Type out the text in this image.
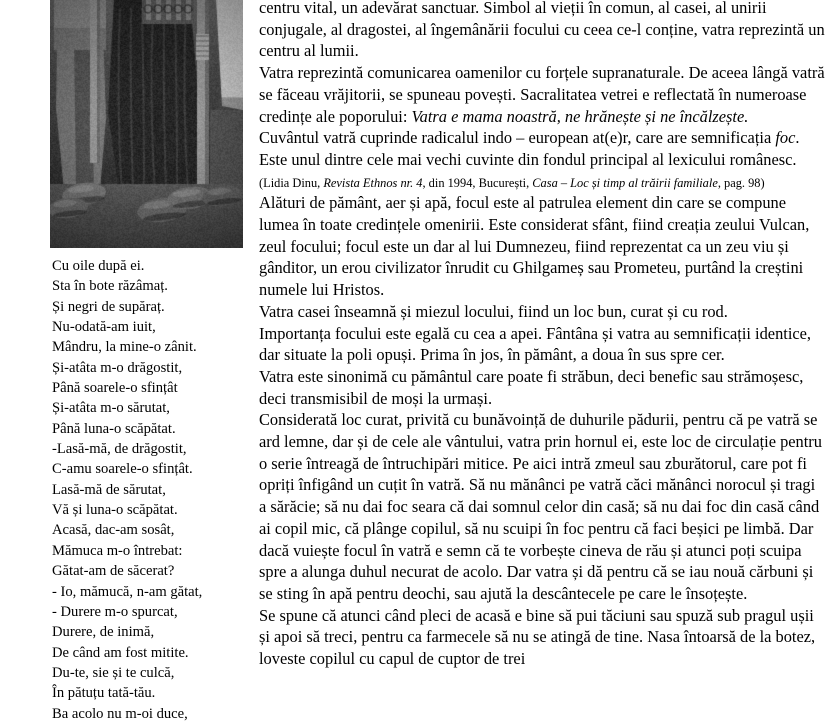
Cu oile după ei.
Sta în bote răzâmaț.
Și negri de supăraț.
Nu-odată-am iuit,
Mândru, la mine-o zânit.
Și-atâta m-o drăgostit,
Până soarele-o sfințât
Și-atâta m-o sărutat,
Până luna-o scăpătat.
-Lasă-mă, de drăgostit,
C-amu soarele-o sfințât.
Lasă-mă de sărutat,
Vă și luna-o scăpătat.
Acasă, dac-am sosât,
Mămuca m-o întrebat:
Gătat-am de săcerat?
- Io, mămucă, n-am gătat,
- Durere m-o spurcat,
Durere, de inimă,
De când am fost mitite.
Du-te, sie și te culcă,
În pătuțu tată-tău.
Ba acolo nu m-oi duce,

centru vital, un adevărat sanctuar. Simbol al vieții în comun, al casei, al unirii conjugale, al dragostei, al îngemânării focului cu ceea ce-l conține, vatra reprezintă un centru al lumii.

Vatra reprezintă comunicarea oamenilor cu forțele supranaturale. De aceea lângă vatră se făceau vrăjitorii, se spuneau povești. Sacralitatea vetrei e reflectată în numeroase credințe ale poporului: Vatra e mama noastră, ne hrănește și ne încălzește.

Cuvântul vatră cuprinde radicalul indo – european at(e)r, care are semnificația foc. Este unul dintre cele mai vechi cuvinte din fondul principal al lexicului românesc. (Lidia Dinu, Revista Ethnos nr. 4, din 1994, București, Casa – Loc și timp al trăirii familiale, pag. 98)

Alături de pământ, aer și apă, focul este al patrulea element din care se compune lumea în toate credințele omenirii. Este considerat sfânt, fiind creația zeului Vulcan, zeul focului; focul este un dar al lui Dumnezeu, fiind reprezentat ca un zeu viu și gânditor, un erou civilizator înrudit cu Ghilgameș sau Prometeu, purtând la creștini numele lui Hristos.

Vatra casei înseamnă și miezul locului, fiind un loc bun, curat și cu rod.

Importanța focului este egală cu cea a apei. Fântâna și vatra au semnificații identice, dar situate la poli opuși. Prima în jos, în pământ, a doua în sus spre cer.

Vatra este sinonimă cu pământul care poate fi străbun, deci benefic sau strămoșesc, deci transmisibil de moși la urmași.

Considerată loc curat, privită cu bunăvoință de duhurile pădurii, pentru că pe vatră se ard lemne, dar și de cele ale vântului, vatra prin hornul ei, este loc de circulație pentru o serie întreagă de întruchipări mitice. Pe aici intră zmeul sau zburătorul, care pot fi opriți înfigând un cuțit în vatră. Să nu mănânci pe vatră căci mănânci norocul și tragi a sărăcie; să nu dai foc seara că dai somnul celor din casă; să nu dai foc din casă când ai copil mic, că plânge copilul, să nu scuipi în foc pentru că faci beșici pe limbă. Dar dacă vuiește focul în vatră e semn că te vorbește cineva de rău și atunci poți scuipa spre a alunga duhul necurat de acolo. Dar vatra și dă pentru că se iau nouă cărbuni și se sting în apă pentru deochi, sau ajută la descântecele pe care le însoțește.

Se spune că atunci când pleci de acasă e bine să pui tăciuni sau spuză sub pragul ușii și apoi să treci, pentru ca farmecele să nu se atingă de tine. Nasa întoarsă de la botez, loveste copilul cu capul de cuptor de trei
